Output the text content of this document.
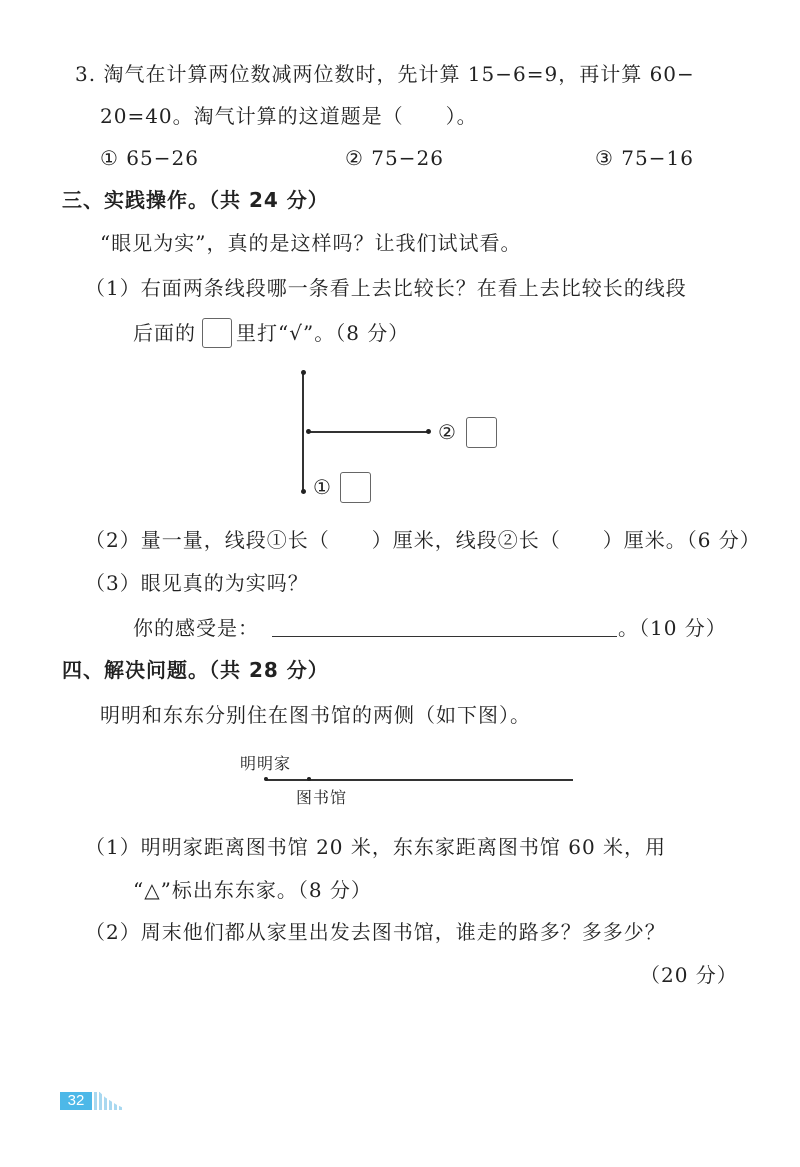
3. 淘气在计算两位数减两位数时，先计算 15−6=9，再计算 60−
20=40。淘气计算的这道题是（　　）。
① 65−26	② 75−26	③ 75−16
三、实践操作。（共 24 分）
“眼见为实”，真的是这样吗？让我们试试看。
（1）右面两条线段哪一条看上去比较长？在看上去比较长的线段
后面的 里打“√”。（8 分）
②
①
（2）量一量，线段①长（　　）厘米，线段②长（　　）厘米。（6 分）
（3）眼见真的为实吗？
你的感受是：	。（10 分）
四、解决问题。（共 28 分）
明明和东东分别住在图书馆的两侧（如下图）。
明明家
图书馆
（1）明明家距离图书馆 20 米，东东家距离图书馆 60 米，用
“△”标出东东家。（8 分）
（2）周末他们都从家里出发去图书馆，谁走的路多？多多少？
（20 分）
32
